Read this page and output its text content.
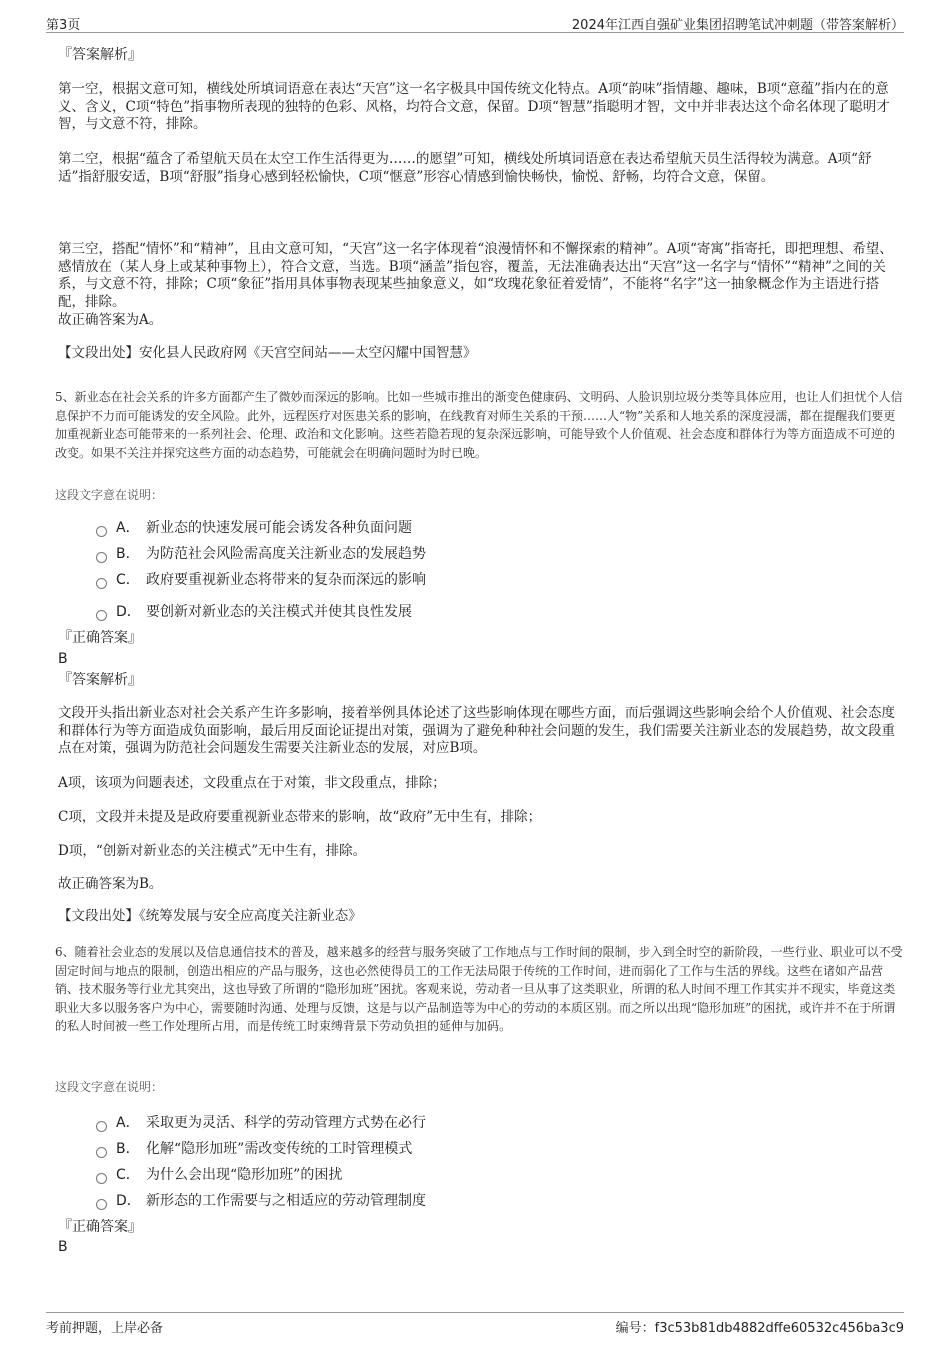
第3页	2024年江西自强矿业集团招聘笔试冲刺题（带答案解析）
『答案解析』
第一空，根据文意可知，横线处所填词语意在表达“天宫”这一名字极具中国传统文化特点。A项“韵味”指情趣、趣味，B项“意蕴”指内在的意义、含义，C项“特色”指事物所表现的独特的色彩、风格，均符合文意，保留。D项“智慧”指聪明才智，文中并非表达这个命名体现了聪明才智，与文意不符，排除。
第二空，根据“蕴含了希望航天员在太空工作生活得更为……的愿望”可知，横线处所填词语意在表达希望航天员生活得较为满意。A项“舒适”指舒服安适，B项“舒服”指身心感到轻松愉快，C项“惬意”形容心情感到愉快畅快，愉悦、舒畅，均符合文意，保留。
第三空，搭配“情怀”和“精神”，且由文意可知，“天宫”这一名字体现着“浪漫情怀和不懈探索的精神”。A项“寄寓”指寄托，即把理想、希望、感情放在（某人身上或某种事物上），符合文意，当选。B项“涵盖”指包容，覆盖，无法准确表达出“天宫”这一名字与“情怀”“精神”之间的关系，与文意不符，排除；C项“象征”指用具体事物表现某些抽象意义，如“玫瑰花象征着爱情”，不能将“名字”这一抽象概念作为主语进行搭配，排除。
故正确答案为A。
【文段出处】安化县人民政府网《天宫空间站——太空闪耀中国智慧》
5、新业态在社会关系的许多方面都产生了微妙而深远的影响。比如一些城市推出的渐变色健康码、文明码、人脸识别垃圾分类等具体应用，也让人们担忧个人信息保护不力而可能诱发的安全风险。此外，远程医疗对医患关系的影响，在线教育对师生关系的干预……人“物”关系和人地关系的深度浸濡，都在提醒我们要更加重视新业态可能带来的一系列社会、伦理、政治和文化影响。这些若隐若现的复杂深远影响，可能导致个人价值观、社会态度和群体行为等方面造成不可逆的改变。如果不关注并探究这些方面的动态趋势，可能就会在明确问题时为时已晚。
这段文字意在说明：
A． 新业态的快速发展可能会诱发各种负面问题
B． 为防范社会风险需高度关注新业态的发展趋势
C． 政府要重视新业态将带来的复杂而深远的影响
D． 要创新对新业态的关注模式并使其良性发展
『正确答案』
B
『答案解析』
文段开头指出新业态对社会关系产生许多影响，接着举例具体论述了这些影响体现在哪些方面，而后强调这些影响会给个人价值观、社会态度和群体行为等方面造成负面影响，最后用反面论证提出对策，强调为了避免种种社会问题的发生，我们需要关注新业态的发展趋势，故文段重点在对策，强调为防范社会问题发生需要关注新业态的发展，对应B项。
A项，该项为问题表述，文段重点在于对策，非文段重点，排除；
C项，文段并未提及是政府要重视新业态带来的影响，故“政府”无中生有，排除；
D项，“创新对新业态的关注模式”无中生有，排除。
故正确答案为B。
【文段出处】《统筹发展与安全应高度关注新业态》
6、随着社会业态的发展以及信息通信技术的普及，越来越多的经营与服务突破了工作地点与工作时间的限制，步入到全时空的新阶段，一些行业、职业可以不受固定时间与地点的限制，创造出相应的产品与服务，这也必然使得员工的工作无法局限于传统的工作时间，进而弱化了工作与生活的界线。这些在诸如产品营销、技术服务等行业尤其突出，这也导致了所谓的“隐形加班”困扰。客观来说，劳动者一旦从事了这类职业，所谓的私人时间不理工作其实并不现实，毕竟这类职业大多以服务客户为中心，需要随时沟通、处理与反馈，这是与以产品制造等为中心的劳动的本质区别。而之所以出现“隐形加班”的困扰，或许并不在于所谓的私人时间被一些工作处理所占用，而是传统工时束缚背景下劳动负担的延伸与加码。
这段文字意在说明：
A． 采取更为灵活、科学的劳动管理方式势在必行
B． 化解“隐形加班”需改变传统的工时管理模式
C． 为什么会出现“隐形加班”的困扰
D． 新形态的工作需要与之相适应的劳动管理制度
『正确答案』
B
考前押题，上岸必备	编号：f3c53b81db4882dffe60532c456ba3c9
